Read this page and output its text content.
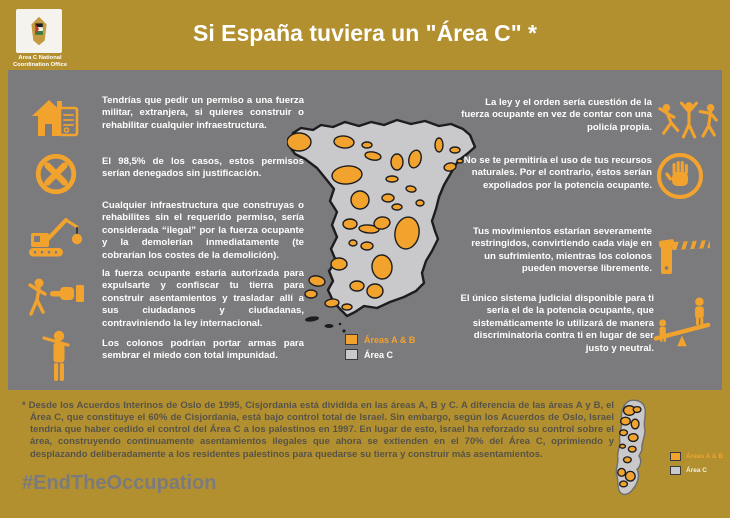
Area C National Coordination Office
Si España tuviera un "Área C" *
Tendrías que pedir un permiso a una fuerza militar, extranjera, si quieres construir o rehabilitar cualquier infraestructura.
El 98,5% de los casos, estos permisos serían denegados sin justificación.
Cualquier infraestructura que construyas o rehabilites sin el requerido permiso, sería considerada “ilegal” por la fuerza ocupante y la demolerían inmediatamente (te cobrarían los costes de la demolición).
la fuerza ocupante estaría autorizada para expulsarte y confiscar tu tierra para construir asentamientos y trasladar allí a sus ciudadanos y ciudadanas, contraviniendo la ley internacional.
Los colonos podrían portar armas para sembrar el miedo con total impunidad.
Áreas A & B
Área C
La ley y el orden sería cuestión de la fuerza ocupante en vez de contar con una policía propia.
No se te permitiría el uso de tus recursos naturales. Por el contrario, éstos serían expoliados por la potencia ocupante.
Tus movimientos estarían severamente restringidos, convirtiendo cada viaje en un sufrimiento, mientras los colonos pueden moverse libremente.
El único sistema judicial disponible para ti sería el de la potencia ocupante, que sistemáticamente lo utilizará de manera discriminatoria contra ti en lugar de ser justo y neutral.
* Desde los Acuerdos Interinos de Oslo de 1995, Cisjordania está dividida en las áreas A, B y C. A diferencia de las áreas A y B, el Área C, que constituye el 60% de Cisjordania, está bajo control total de Israel. Sin embargo, según los Acuerdos de Oslo, Israel tendría que haber cedido el control del Área C a los palestinos en 1997. En lugar de esto, Israel ha reforzado su control sobre el área, construyendo continuamente asentamientos ilegales que ahora se extienden en el 70% del Área C, oprimiendo y desplazando deliberadamente a los residentes palestinos para quedarse su tierra y construir más asentamientos.
#EndTheOccupation
Áreas A & B
Área C
